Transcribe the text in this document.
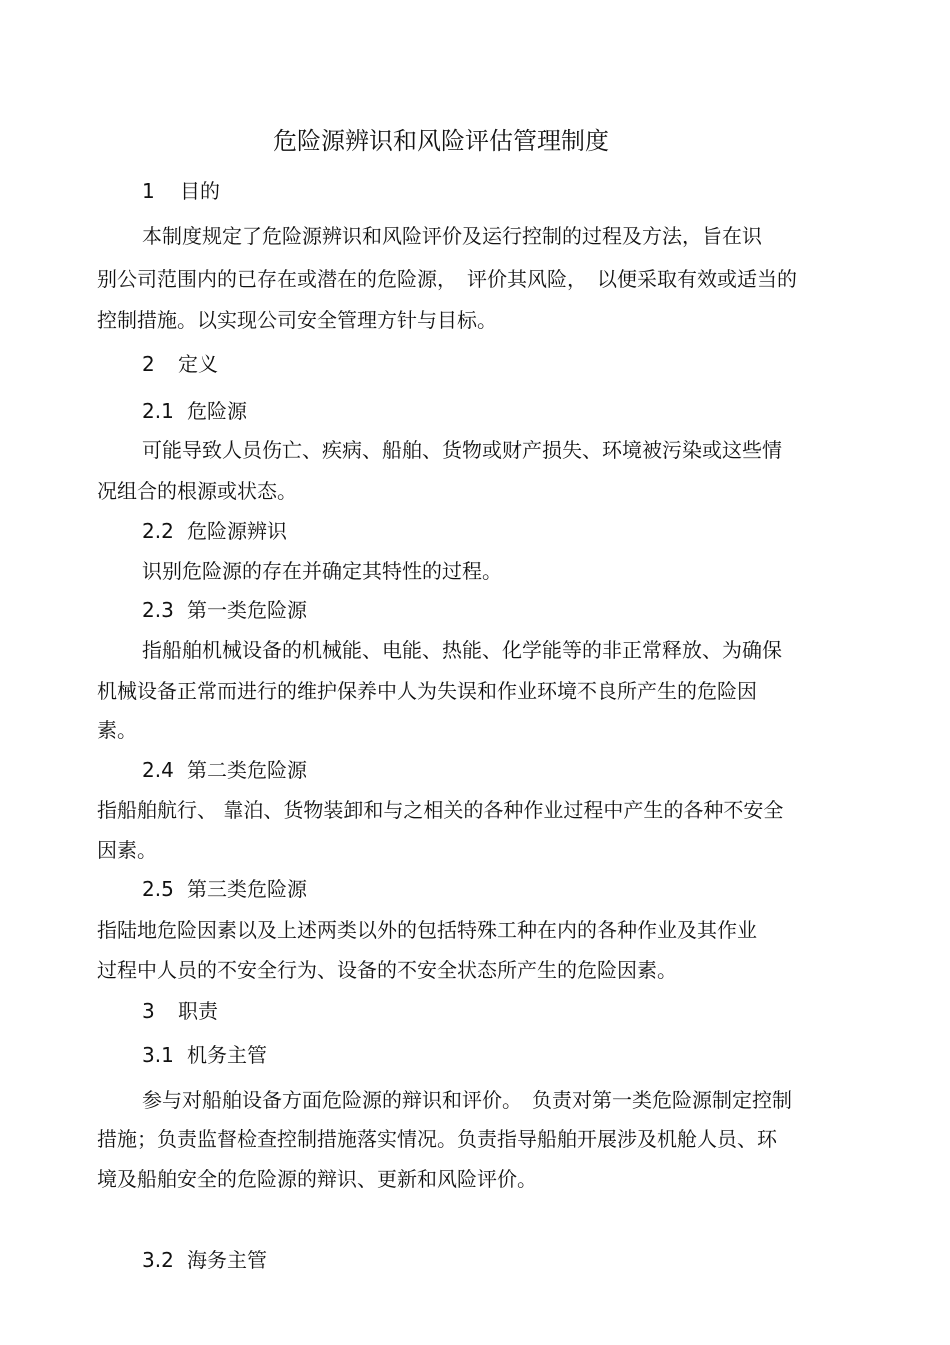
危险源辨识和风险评估管理制度
1 目的

本制度规定了危险源辨识和风险评价及运行控制的过程及方法，旨在识

别公司范围内的已存在或潜在的危险源，　评价其风险，　以便采取有效或适当的

控制措施。以实现公司安全管理方针与目标。

2 定义
2.1 危险源

可能导致人员伤亡、疾病、船舶、货物或财产损失、环境被污染或这些情

况组合的根源或状态。

2.2 危险源辨识

识别危险源的存在并确定其特性的过程。

2.3 第一类危险源

指船舶机械设备的机械能、电能、热能、化学能等的非正常释放、为确保

机械设备正常而进行的维护保养中人为失误和作业环境不良所产生的危险因

素。

2.4 第二类危险源

指船舶航行、 靠泊、货物装卸和与之相关的各种作业过程中产生的各种不安全

因素。

2.5 第三类危险源

指陆地危险因素以及上述两类以外的包括特殊工种在内的各种作业及其作业

过程中人员的不安全行为、设备的不安全状态所产生的危险因素。

3 职责
3.1 机务主管

参与对船舶设备方面危险源的辩识和评价。　负责对第一类危险源制定控制

措施；负责监督检查控制措施落实情况。负责指导船舶开展涉及机舱人员、环

境及船舶安全的危险源的辩识、更新和风险评价。

3.2 海务主管
